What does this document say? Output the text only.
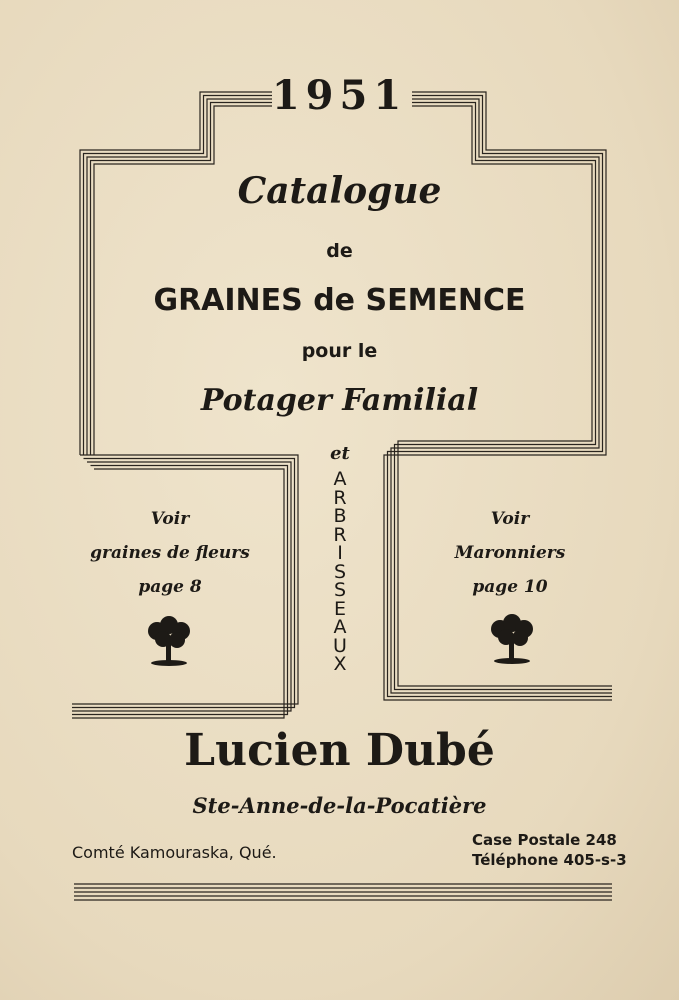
1951
Catalogue
de
GRAINES de SEMENCE
pour le
Potager Familial
et
A
R
B
R
I
S
S
E
A
U
X
Voir
graines de fleurs
page 8
Voir
Maronniers
page 10
Lucien Dubé
Ste-Anne-de-la-Pocatière
Comté Kamouraska, Qué.
Case Postale 248
Téléphone 405-s-3
